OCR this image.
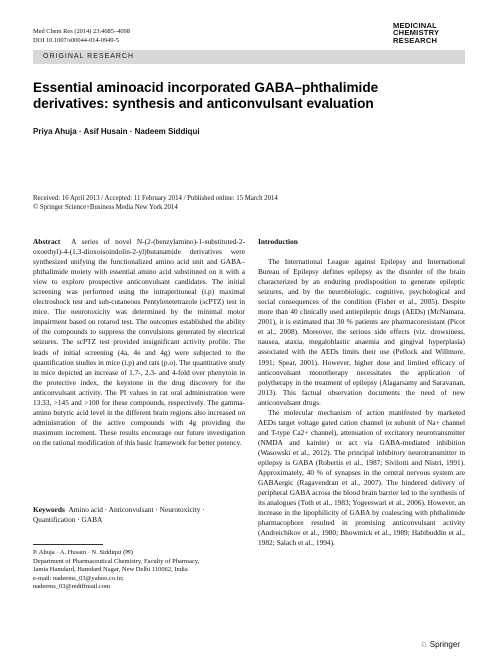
Med Chem Res (2014) 23:4085–4098
DOI 10.1007/s00044-014-0949-5
MEDICINAL
CHEMISTRY
RESEARCH
ORIGINAL RESEARCH
Essential aminoacid incorporated GABA–phthalimide
derivatives: synthesis and anticonvulsant evaluation
Priya Ahuja · Asif Husain · Nadeem Siddiqui
Received: 16 April 2013 / Accepted: 11 February 2014 / Published online: 15 March 2014
© Springer Science+Business Media New York 2014

Abstract A series of novel N-(2-(benzylamino)-1-substituted-2-oxoethyl)-4-(1,3-dioxoisoindolin-2-yl)butanamide derivatives were synthesized unifying the functionalized amino acid unit and GABA–phthalimide moiety with essential amino acid substituted on it with a view to explore prospective anticonvulsant candidates. The initial screening was performed using the intraperitoneal (i.p) maximal electroshock test and sub-cutaneous Pentylenetetrazole (scPTZ) test in mice. The neurotoxicity was determined by the minimal motor impairment based on rotarod test. The outcomes established the ability of the compounds to suppress the convulsions generated by electrical seizures. The scPTZ test provided insignificant activity profile. The leads of initial screening (4a, 4e and 4g) were subjected to the quantification studies in mice (i.p) and rats (p.o). The quantitative study in mice depicted an increase of 1.7-, 2.3- and 4-fold over phenytoin in the protective index, the keystone in the drug discovery for the anticonvulsant activity. The PI values in rat oral administration were 13.33, >145 and >100 for these compounds, respectively. The gamma-amino butyric acid level in the different brain regions also increased on administration of the active compounds with 4g providing the maximum increment. These results encourage our future investigation on the rational modification of this basic framework for better potency.

Keywords Amino acid · Anticonvulsant · Neurotoxicity · Quantification · GABA
P. Ahuja · A. Husain · N. Siddiqui (✉)
Department of Pharmaceutical Chemistry, Faculty of Pharmacy,
Jamia Hamdard, Hamdard Nagar, New Delhi 110062, India
e-mail: nadeems_03@yahoo.co.in;
nadeems_03@rediffmail.com

Introduction

The International League against Epilepsy and International Bureau of Epilepsy defines epilepsy as the disorder of the brain characterized by an enduring predisposition to generate epileptic seizures, and by the neurobiologic, cognitive, psychological and social consequences of the condition (Fisher et al., 2005). Despite more than 40 clinically used antiepileptic drugs (AEDs) (McNamara, 2001), it is estimated that 30 % patients are pharmacoresistant (Picot et al., 2008). Moreover, the serious side effects (viz. drowsiness, nausea, ataxia, megaloblastic anaemia and gingival hyperplasia) associated with the AEDs limits their use (Pellock and Willmore, 1991; Spear, 2001). However, higher dose and limited efficacy of anticonvulsant monotherapy necessitates the application of polytherapy in the treatment of epilepsy (Alagarsamy and Saravanan, 2013). This factual observation documents the need of new anticonvulsant drugs.

The molecular mechanism of action manifested by marketed AEDs target voltage gated cation channel (α subunit of Na+ channel and T-type Ca2+ channel), attenuation of excitatory neurotransmitter (NMDA and kainite) or act via GABA-mediated inhibition (Wasowski et al., 2012). The principal inhibitory neurotransmitter in epilepsy is GABA (Robertis et al., 1987; Sivilotti and Nistri, 1991). Approximately, 40 % of synapses in the central nervous system are GABAergic (Ragavendran et al., 2007). The hindered delivery of peripheral GABA across the blood brain barrier led to the synthesis of its analogues (Toth et al., 1983; Yogeeswari et al., 2006). However, an increase in the lipophilicity of GABA by coalescing with phthalimide pharmacophore resulted in promising anticonvulsant activity (Andreichikov et al., 1980; Bhowmick et al., 1989; Habibuddin et al., 1982; Salach et al., 1994).

♘ Springer
